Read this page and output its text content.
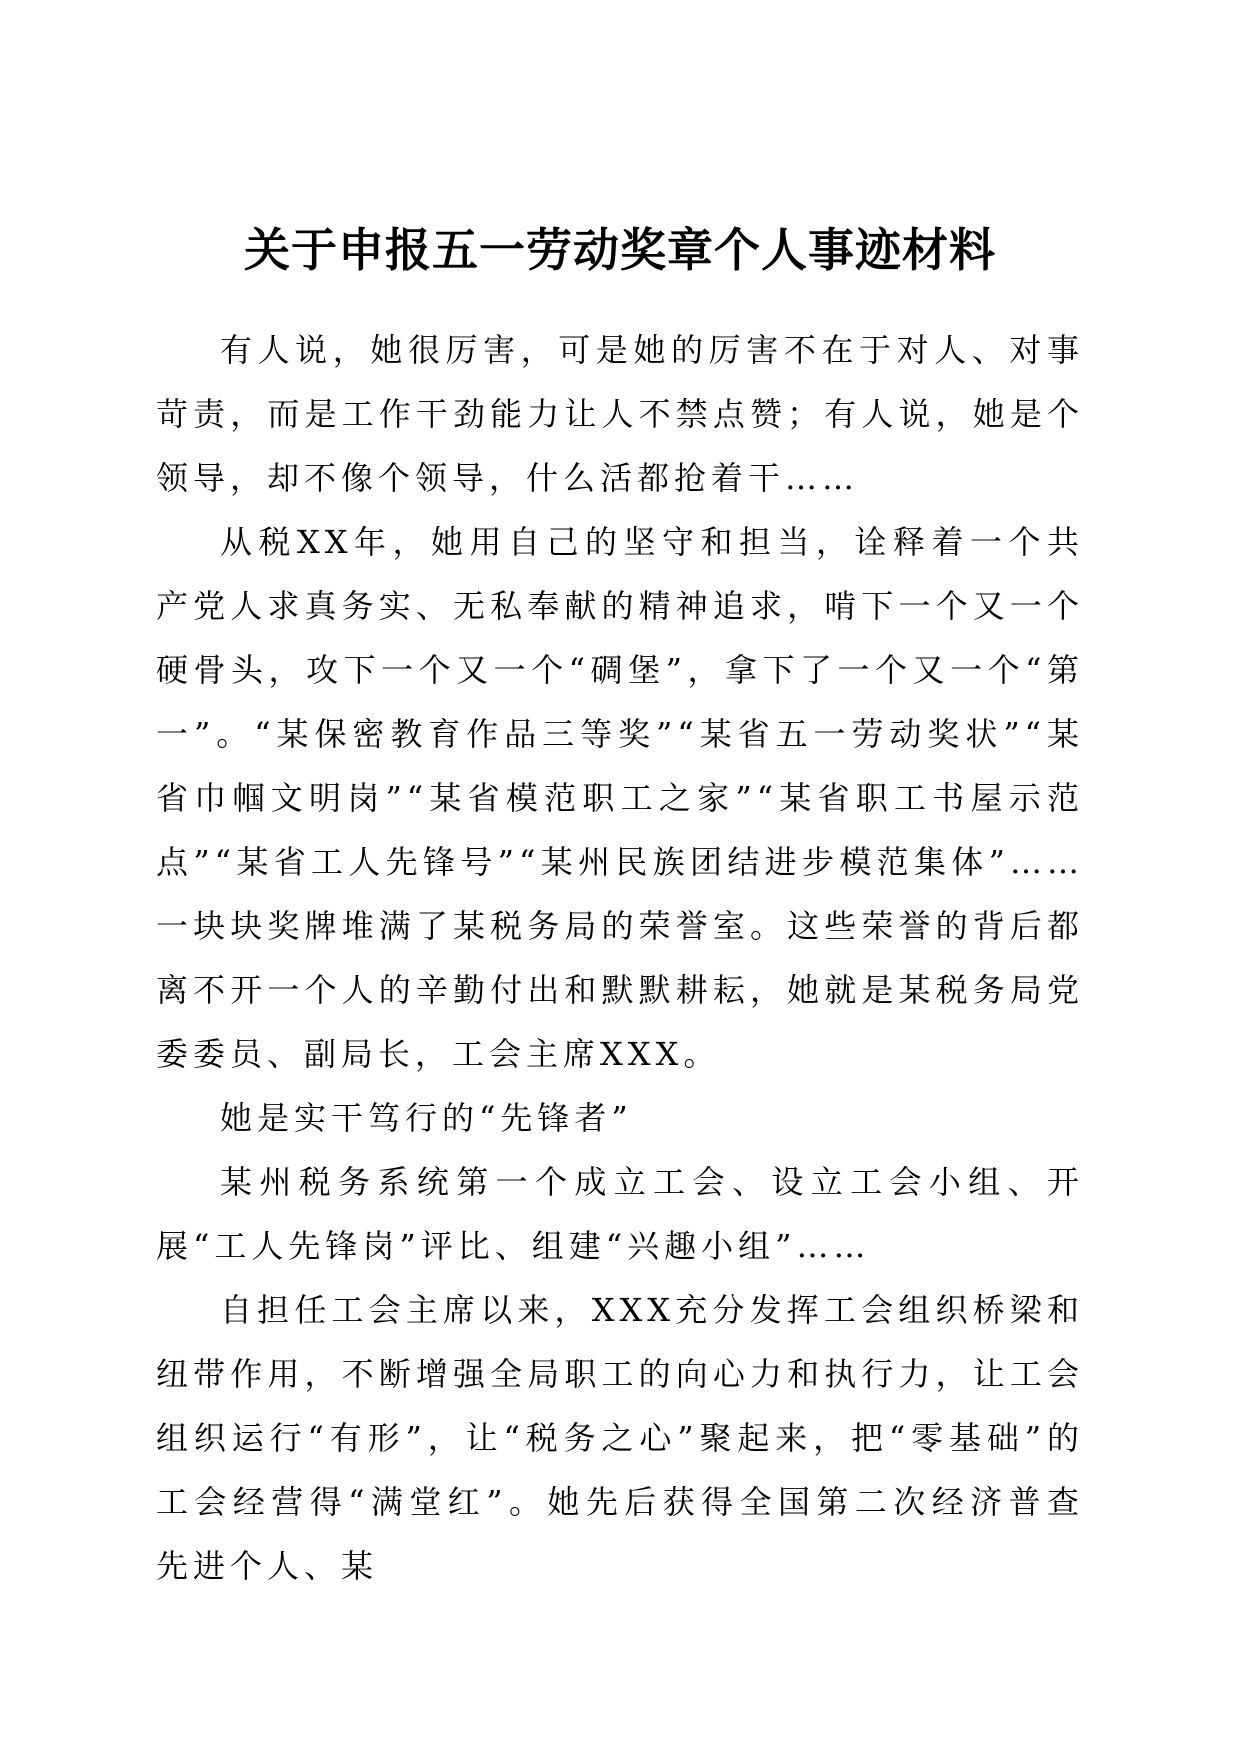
关于申报五一劳动奖章个人事迹材料

有人说，她很厉害，可是她的厉害不在于对人、对事苛责，而是工作干劲能力让人不禁点赞；有人说，她是个领导，却不像个领导，什么活都抢着干……

从税XX年，她用自己的坚守和担当，诠释着一个共产党人求真务实、无私奉献的精神追求，啃下一个又一个硬骨头，攻下一个又一个“碉堡”，拿下了一个又一个“第一”。“某保密教育作品三等奖”“某省五一劳动奖状”“某省巾帼文明岗”“某省模范职工之家”“某省职工书屋示范点”“某省工人先锋号”“某州民族团结进步模范集体”……一块块奖牌堆满了某税务局的荣誉室。这些荣誉的背后都离不开一个人的辛勤付出和默默耕耘，她就是某税务局党委委员、副局长，工会主席XXX。

她是实干笃行的“先锋者”

某州税务系统第一个成立工会、设立工会小组、开展“工人先锋岗”评比、组建“兴趣小组”……

自担任工会主席以来，XXX充分发挥工会组织桥梁和纽带作用，不断增强全局职工的向心力和执行力，让工会组织运行“有形”，让“税务之心”聚起来，把“零基础”的工会经营得“满堂红”。她先后获得全国第二次经济普查先进个人、某
